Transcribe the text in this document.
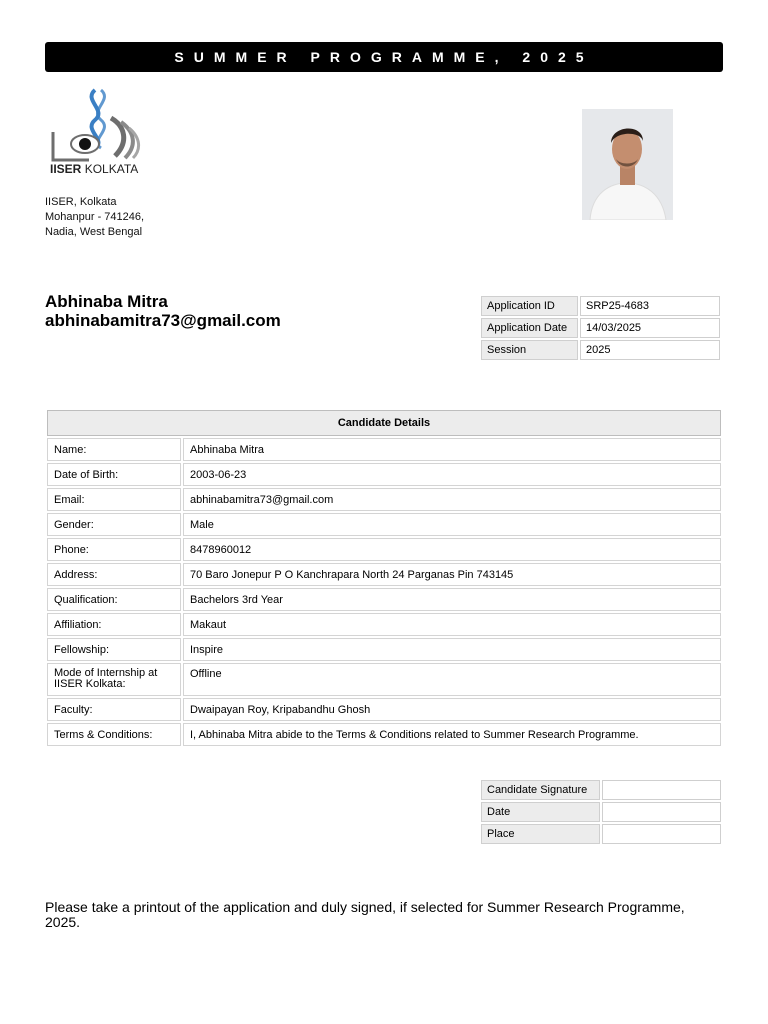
SUMMER PROGRAMME, 2025
IISER KOLKATA
IISER, Kolkata
Mohanpur - 741246,
Nadia, West Bengal
Abhinaba Mitra
abhinabamitra73@gmail.com
Application ID	SRP25-4683
Application Date	14/03/2025
Session	2025
Candidate Details	
Name:	Abhinaba Mitra
Date of Birth:	2003-06-23
Email:	abhinabamitra73@gmail.com
Gender:	Male
Phone:	8478960012
Address:	70 Baro Jonepur P O Kanchrapara North 24 Parganas Pin 743145
Qualification:	Bachelors 3rd Year
Affiliation:	Makaut
Fellowship:	Inspire
Mode of Internship at IISER Kolkata:	Offline
Faculty:	Dwaipayan Roy, Kripabandhu Ghosh
Terms & Conditions:	I, Abhinaba Mitra abide to the Terms & Conditions related to Summer Research Programme.
Candidate Signature	
Date	
Place	
Please take a printout of the application and duly signed, if selected for Summer Research Programme, 2025.
